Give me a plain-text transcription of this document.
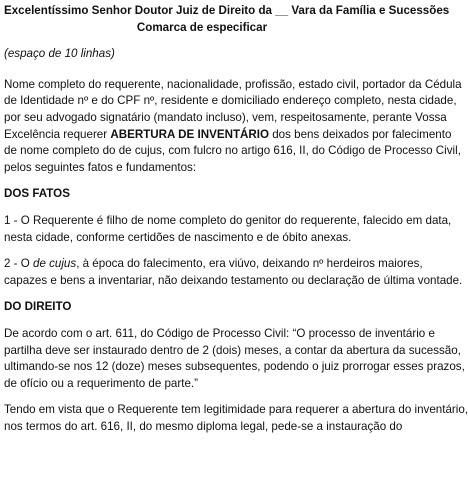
Excelentíssimo Senhor Doutor Juiz de Direito da __ Vara da Família e Sucessões
Comarca de especificar
(espaço de 10 linhas)
Nome completo do requerente, nacionalidade, profissão, estado civil, portador da Cédula
de Identidade nº e do CPF nº, residente e domiciliado endereço completo, nesta cidade,
por seu advogado signatário (mandato incluso), vem, respeitosamente, perante Vossa
Excelência requerer ABERTURA DE INVENTÁRIO dos bens deixados por falecimento
de nome completo do de cujus, com fulcro no artigo 616, II, do Código de Processo Civil,
pelos seguintes fatos e fundamentos:
DOS FATOS
1 - O Requerente é filho de nome completo do genitor do requerente, falecido em data,
nesta cidade, conforme certidões de nascimento e de óbito anexas.
2 - O de cujus, à época do falecimento, era viúvo, deixando nº herdeiros maiores,
capazes e bens a inventariar, não deixando testamento ou declaração de última vontade.
DO DIREITO
De acordo com o art. 611, do Código de Processo Civil: “O processo de inventário e
partilha deve ser instaurado dentro de 2 (dois) meses, a contar da abertura da sucessão,
ultimando-se nos 12 (doze) meses subsequentes, podendo o juiz prorrogar esses prazos,
de ofício ou a requerimento de parte.”
Tendo em vista que o Requerente tem legitimidade para requerer a abertura do inventário,
nos termos do art. 616, II, do mesmo diploma legal, pede-se a instauração do
